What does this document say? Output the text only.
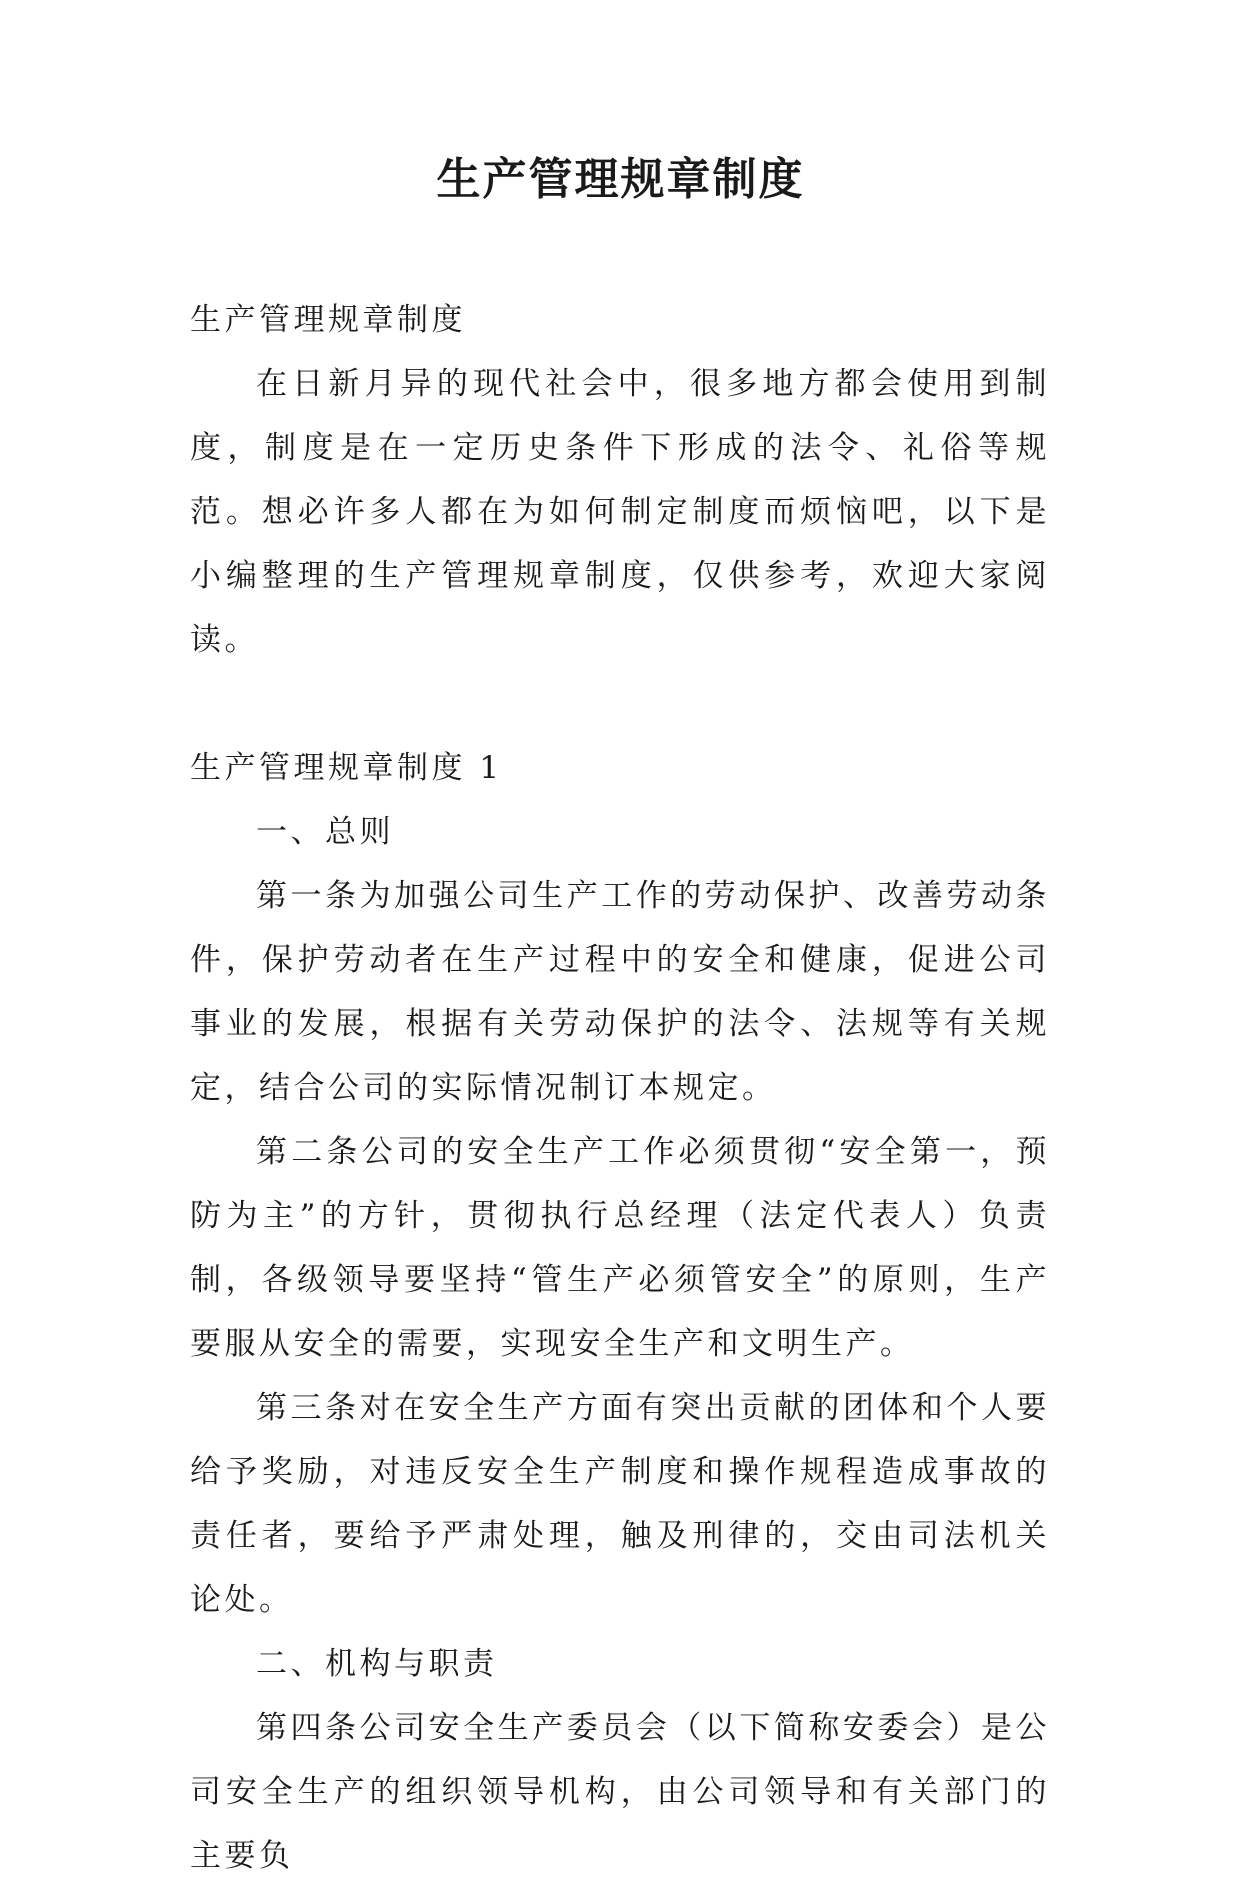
生产管理规章制度

生产管理规章制度

在日新月异的现代社会中，很多地方都会使用到制度，制度是在一定历史条件下形成的法令、礼俗等规范。想必许多人都在为如何制定制度而烦恼吧，以下是小编整理的生产管理规章制度，仅供参考，欢迎大家阅读。

生产管理规章制度 1

一、总则

第一条为加强公司生产工作的劳动保护、改善劳动条件，保护劳动者在生产过程中的安全和健康，促进公司事业的发展，根据有关劳动保护的法令、法规等有关规定，结合公司的实际情况制订本规定。

第二条公司的安全生产工作必须贯彻“安全第一，预防为主”的方针，贯彻执行总经理（法定代表人）负责制，各级领导要坚持“管生产必须管安全”的原则，生产要服从安全的需要，实现安全生产和文明生产。

第三条对在安全生产方面有突出贡献的团体和个人要给予奖励，对违反安全生产制度和操作规程造成事故的责任者，要给予严肃处理，触及刑律的，交由司法机关论处。

二、机构与职责

第四条公司安全生产委员会（以下简称安委会）是公司安全生产的组织领导机构，由公司领导和有关部门的主要负
